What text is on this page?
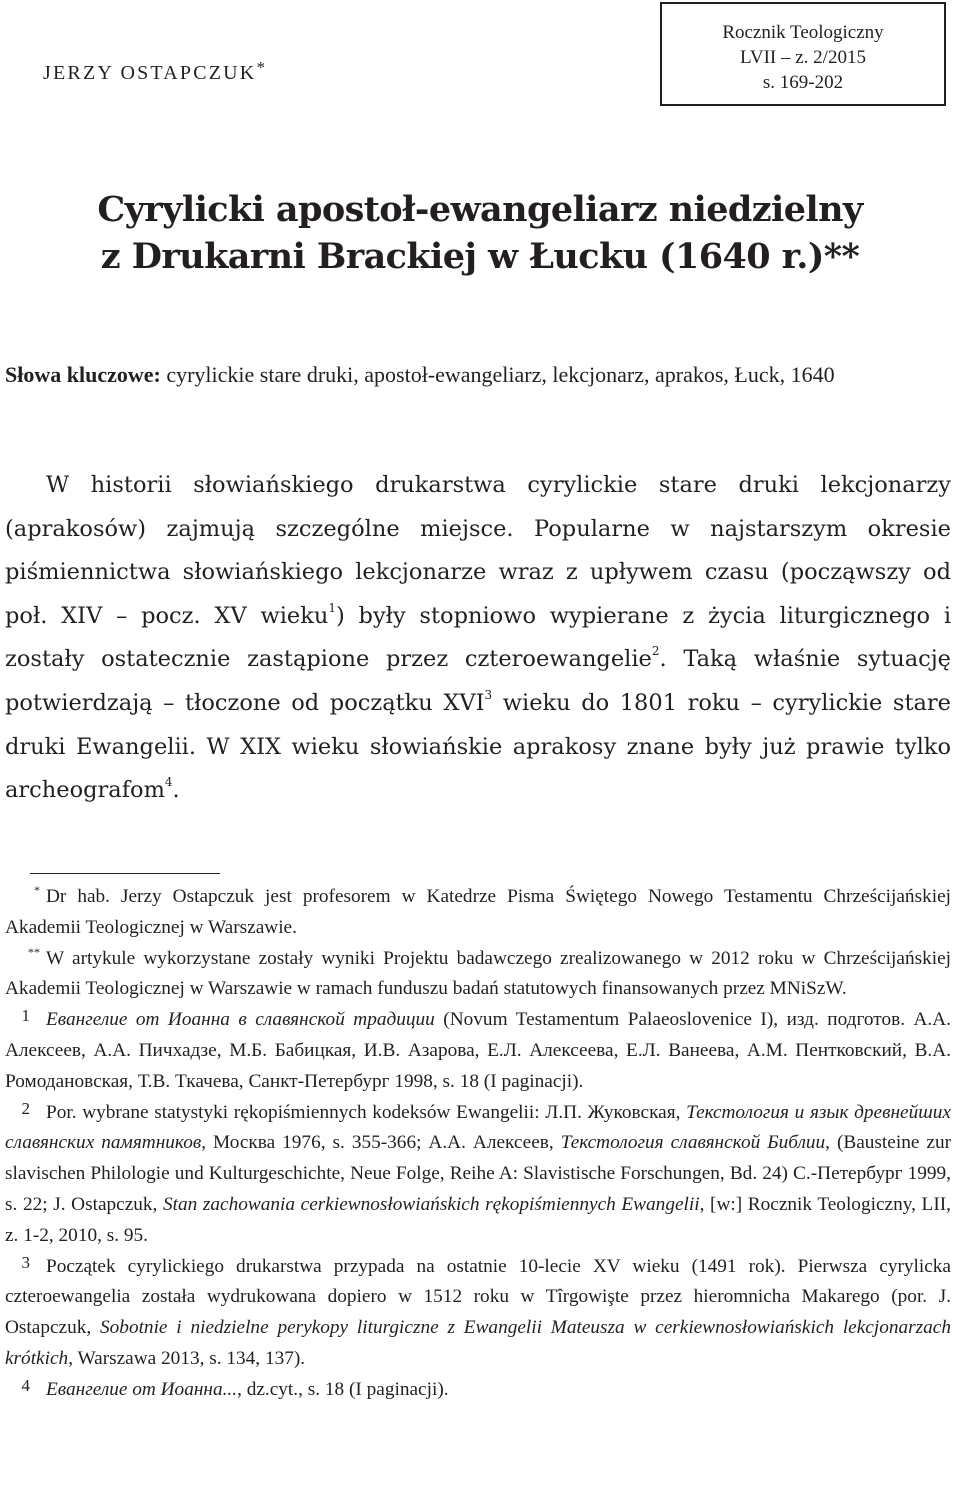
JERZY OSTAPCZUK*
Rocznik Teologiczny
LVII – z. 2/2015
s. 169-202
Cyrylicki apostoł-ewangeliarz niedzielny
z Drukarni Brackiej w Łucku (1640 r.)**
Słowa kluczowe: cyrylickie stare druki, apostoł-ewangeliarz, lekcjonarz, aprakos, Łuck, 1640
W historii słowiańskiego drukarstwa cyrylickie stare druki lekcjonarzy (aprakosów) zajmują szczególne miejsce. Popularne w najstarszym okresie piśmiennictwa słowiańskiego lekcjonarze wraz z upływem czasu (począwszy od poł. XIV – pocz. XV wieku$^1$) były stopniowo wypierane z życia liturgicznego i zostały ostatecznie zastąpione przez czteroewangelie$^2$. Taką właśnie sytuację potwierdzają – tłoczone od początku XVI$^3$ wieku do 1801 roku – cyrylickie stare druki Ewangelii. W XIX wieku słowiańskie aprakosy znane były już prawie tylko archeografom$^4$.

* Dr hab. Jerzy Ostapczuk jest profesorem w Katedrze Pisma Świętego Nowego Testamentu Chrześcijańskiej Akademii Teologicznej w Warszawie.

** W artykule wykorzystane zostały wyniki Projektu badawczego zrealizowanego w 2012 roku w Chrześcijańskiej Akademii Teologicznej w Warszawie w ramach funduszu badań statutowych finansowanych przez MNiSzW.

1 Евангелие от Иоанна в славянской традиции (Novum Testamentum Palaeoslovenice I), изд. подготов. А.А. Алексеев, А.А. Пичхадзе, М.Б. Бабицкая, И.В. Азарова, Е.Л. Алексеева, Е.Л. Ванеева, А.М. Пентковский, В.А. Ромодановская, Т.В. Ткачева, Санкт-Петербург 1998, s. 18 (I paginacji).

2 Por. wybrane statystyki rękopiśmiennych kodeksów Ewangelii: Л.П. Жуковская, Текстология и язык древнейших славянских памятников, Москва 1976, s. 355-366; А.А. Алексеев, Текстология славянской Библии, (Bausteine zur slavischen Philologie und Kulturgeschichte, Neue Folge, Reihe A: Slavistische Forschungen, Bd. 24) С.-Петербург 1999, s. 22; J. Ostapczuk, Stan zachowania cerkiewnosłowiańskich rękopiśmiennych Ewangelii, [w:] Rocznik Teologiczny, LII, z. 1-2, 2010, s. 95.

3 Początek cyrylickiego drukarstwa przypada na ostatnie 10-lecie XV wieku (1491 rok). Pierwsza cyrylicka czteroewangelia została wydrukowana dopiero w 1512 roku w Tîrgowişte przez hieromnicha Makarego (por. J. Ostapczuk, Sobotnie i niedzielne perykopy liturgiczne z Ewangelii Mateusza w cerkiewnosłowiańskich lekcjonarzach krótkich, Warszawa 2013, s. 134, 137).

4 Евангелие от Иоанна..., dz.cyt., s. 18 (I paginacji).
